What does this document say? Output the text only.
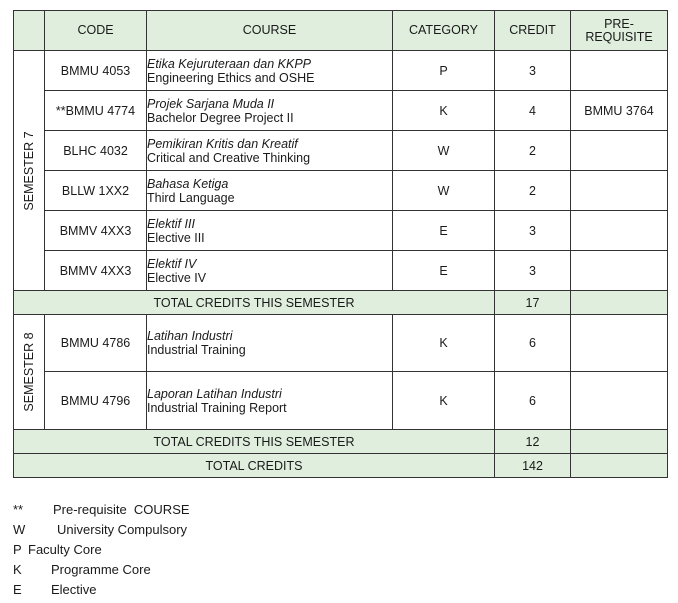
	CODE	COURSE	CATEGORY	CREDIT	PRE-
REQUISITE

SEMESTER 7	BMMU 4053	Etika Kejuruteraan dan KKPP
Engineering Ethics and OSHE	P	3	
	**BMMU 4774	Projek Sarjana Muda II
Bachelor Degree Project II	K	4	BMMU 3764
	BLHC 4032	Pemikiran Kritis dan Kreatif
Critical and Creative Thinking	W	2	
	BLLW 1XX2	Bahasa Ketiga
Third Language	W	2	
	BMMV 4XX3	Elektif III
Elective III	E	3	
	BMMV 4XX3	Elektif IV
Elective IV	E	3	
TOTAL CREDITS THIS SEMESTER				17	

SEMESTER 8	BMMU 4786	Latihan Industri
Industrial Training	K	6	
	BMMU 4796	Laporan Latihan Industri
Industrial Training Report	K	6	
TOTAL CREDITS THIS SEMESTER				12	
TOTAL CREDITS				142	
** Pre-requisite  COURSE
W University Compulsory
P Faculty Core
K Programme Core
E Elective
